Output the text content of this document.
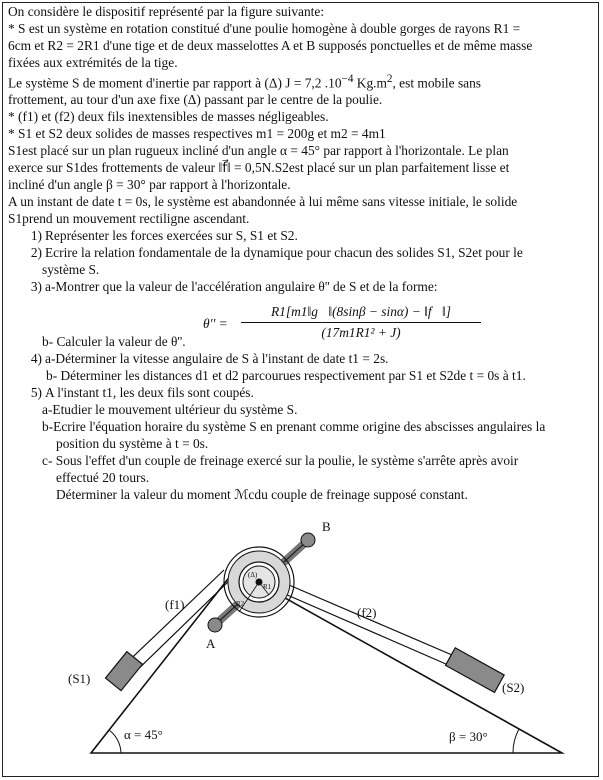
On considère le dispositif représenté par la figure suivante:

* S est un système en rotation constitué d'une poulie homogène à double gorges de rayons R1 =

6cm et R2 = 2R1 d'une tige et de deux masselottes A et B supposés ponctuelles et de même masse

fixées aux extrémités de la tige.

Le système S de moment d'inertie par rapport à (Δ) J = 7,2 $.10^{-4}$ $Kg.m^2$, est mobile sans

frottement, au tour d'un axe fixe (Δ) passant par le centre de la poulie.

* (f1) et (f2) deux fils inextensibles de masses négligeables.

* S1 et S2 deux solides de masses respectives m1 = 200g et m2 = 4m1

S1est placé sur un plan rugueux incliné d'un angle α = 45° par rapport à l'horizontale. Le plan

exerce sur S1des frottements de valeur ‖f⃗‖ = 0,5N.S2est placé sur un plan parfaitement lisse et

incliné d'un angle β = 30° par rapport à l'horizontale.

A un instant de date t = 0s, le système est abandonnée à lui même sans vitesse initiale, le solide

S1prend un mouvement rectiligne ascendant.

1) Représenter les forces exercées sur S, S1 et S2.

2) Ecrire la relation fondamentale de la dynamique pour chacun des solides S1, S2et pour le

système S.

3) a-Montrer que la valeur de l'accélération angulaire θ'' de S et de la forme:

b- Calculer la valeur de θ''.

4) a-Déterminer la vitesse angulaire de S à l'instant de date t1 = 2s.

b- Déterminer les distances d1 et d2 parcourues respectivement par S1 et S2de t = 0s à t1.

5) A l'instant t1, les deux fils sont coupés.

a-Etudier le mouvement ultérieur du système S.

b-Ecrire l'équation horaire du système S en prenant comme origine des abscisses angulaires la

position du système à t = 0s.

c- Sous l'effet d'un couple de freinage exercé sur la poulie, le système s'arrête après avoir

effectué 20 tours.

Déterminer la valeur du moment ℳcdu couple de freinage supposé constant.

$\theta'' = \frac{R1[m1‖g⃗‖(8\sin\beta - \sin\alpha) - ‖f⃗‖]}{\text{(17m1R1² + J)}}$
B
A
(f1)
(f2)
(S1)
(S2)
(Δ)
R1
R2
α = 45°	β = 30°
